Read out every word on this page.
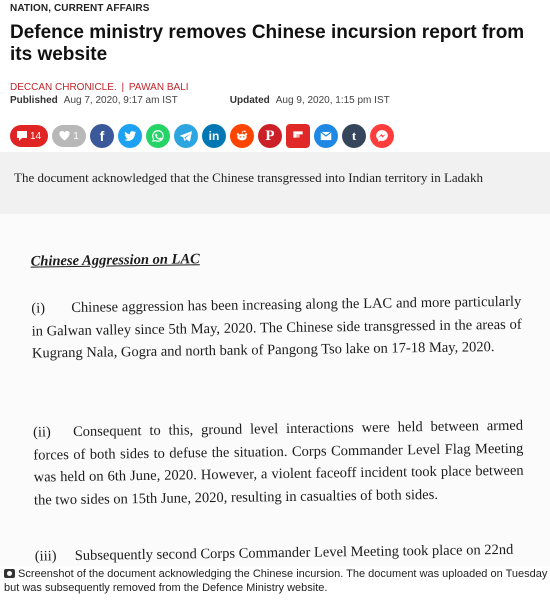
NATION, CURRENT AFFAIRS
Defence ministry removes Chinese incursion report from its website
DECCAN CHRONICLE. | PAWAN BALI
Published Aug 7, 2020, 9:17 am IST	Updated Aug 9, 2020, 1:15 pm IST
14	1 f	in	P	t
The document acknowledged that the Chinese transgressed into Indian territory in Ladakh
Chinese Aggression on LAC
(i) Chinese aggression has been increasing along the LAC and more particularly in Galwan valley since 5th May, 2020. The Chinese side transgressed in the areas of Kugrang Nala, Gogra and north bank of Pangong Tso lake on 17-18 May, 2020.
(ii) Consequent to this, ground level interactions were held between armed forces of both sides to defuse the situation. Corps Commander Level Flag Meeting was held on 6th June, 2020. However, a violent faceoff incident took place between the two sides on 15th June, 2020, resulting in casualties of both sides.
(iii) Subsequently second Corps Commander Level Meeting took place on 22nd
Screenshot of the document acknowledging the Chinese incursion. The document was uploaded on Tuesday but was subsequently removed from the Defence Ministry website.
